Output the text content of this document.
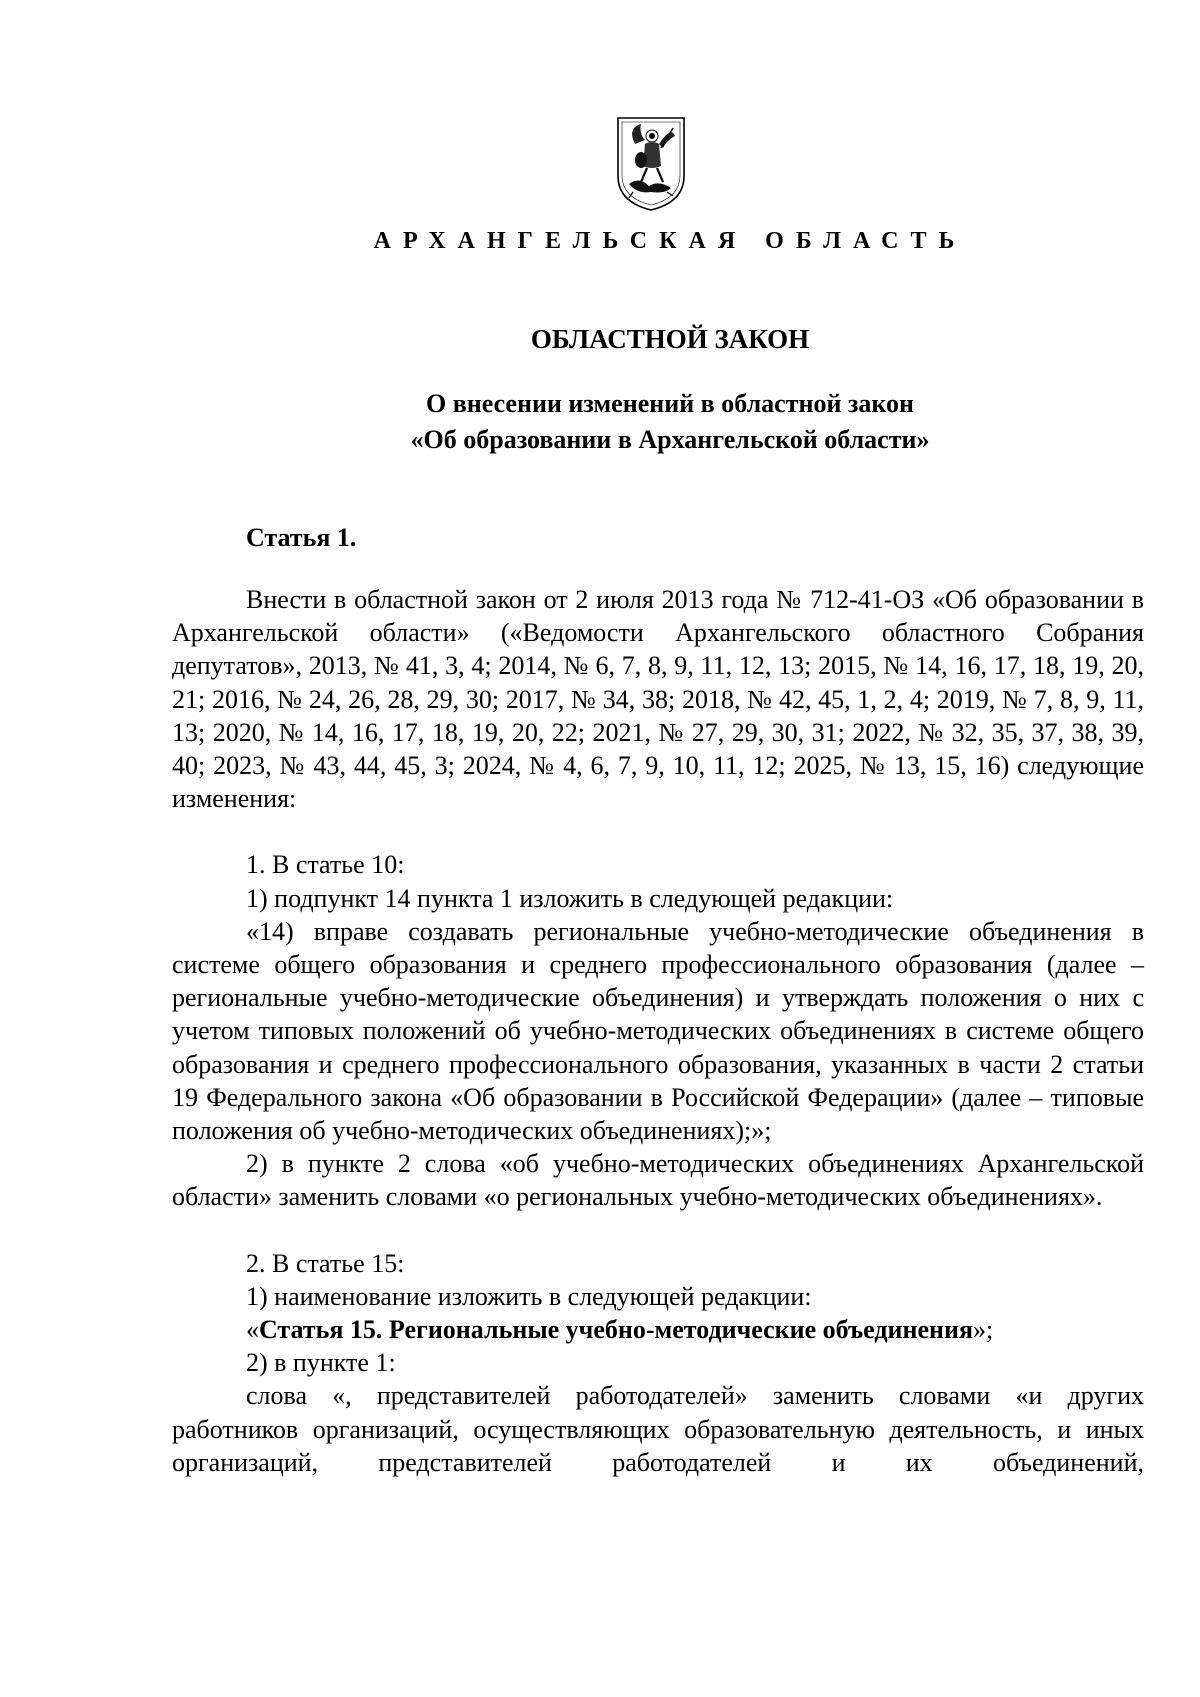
АРХАНГЕЛЬСКАЯ ОБЛАСТЬ
ОБЛАСТНОЙ ЗАКОН
О внесении изменений в областной закон
«Об образовании в Архангельской области»
Статья 1.

Внести в областной закон от 2 июля 2013 года № 712-41-ОЗ «Об образовании в Архангельской области» («Ведомости Архангельского областного Собрания депутатов», 2013, № 41, 3, 4; 2014, № 6, 7, 8, 9, 11, 12, 13; 2015, № 14, 16, 17, 18, 19, 20, 21; 2016, № 24, 26, 28, 29, 30; 2017, № 34, 38; 2018, № 42, 45, 1, 2, 4; 2019, № 7, 8, 9, 11, 13; 2020, № 14, 16, 17, 18, 19, 20, 22; 2021, № 27, 29, 30, 31; 2022, № 32, 35, 37, 38, 39, 40; 2023, № 43, 44, 45, 3; 2024, № 4, 6, 7, 9, 10, 11, 12; 2025, № 13, 15, 16) следующие изменения:

1. В статье 10:

1) подпункт 14 пункта 1 изложить в следующей редакции:

«14) вправе создавать региональные учебно-методические объединения в системе общего образования и среднего профессионального образования (далее – региональные учебно-методические объединения) и утверждать положения о них с учетом типовых положений об учебно-методических объединениях в системе общего образования и среднего профессионального образования, указанных в части 2 статьи 19 Федерального закона «Об образовании в Российской Федерации» (далее – типовые положения об учебно-методических объединениях);»;

2) в пункте 2 слова «об учебно-методических объединениях Архангельской области» заменить словами «о региональных учебно-методических объединениях».

2. В статье 15:

1) наименование изложить в следующей редакции:

«Статья 15. Региональные учебно-методические объединения»;

2) в пункте 1:

слова «, представителей работодателей» заменить словами «и других работников организаций, осуществляющих образовательную деятельность, и иных организаций, представителей работодателей и их объединений,
